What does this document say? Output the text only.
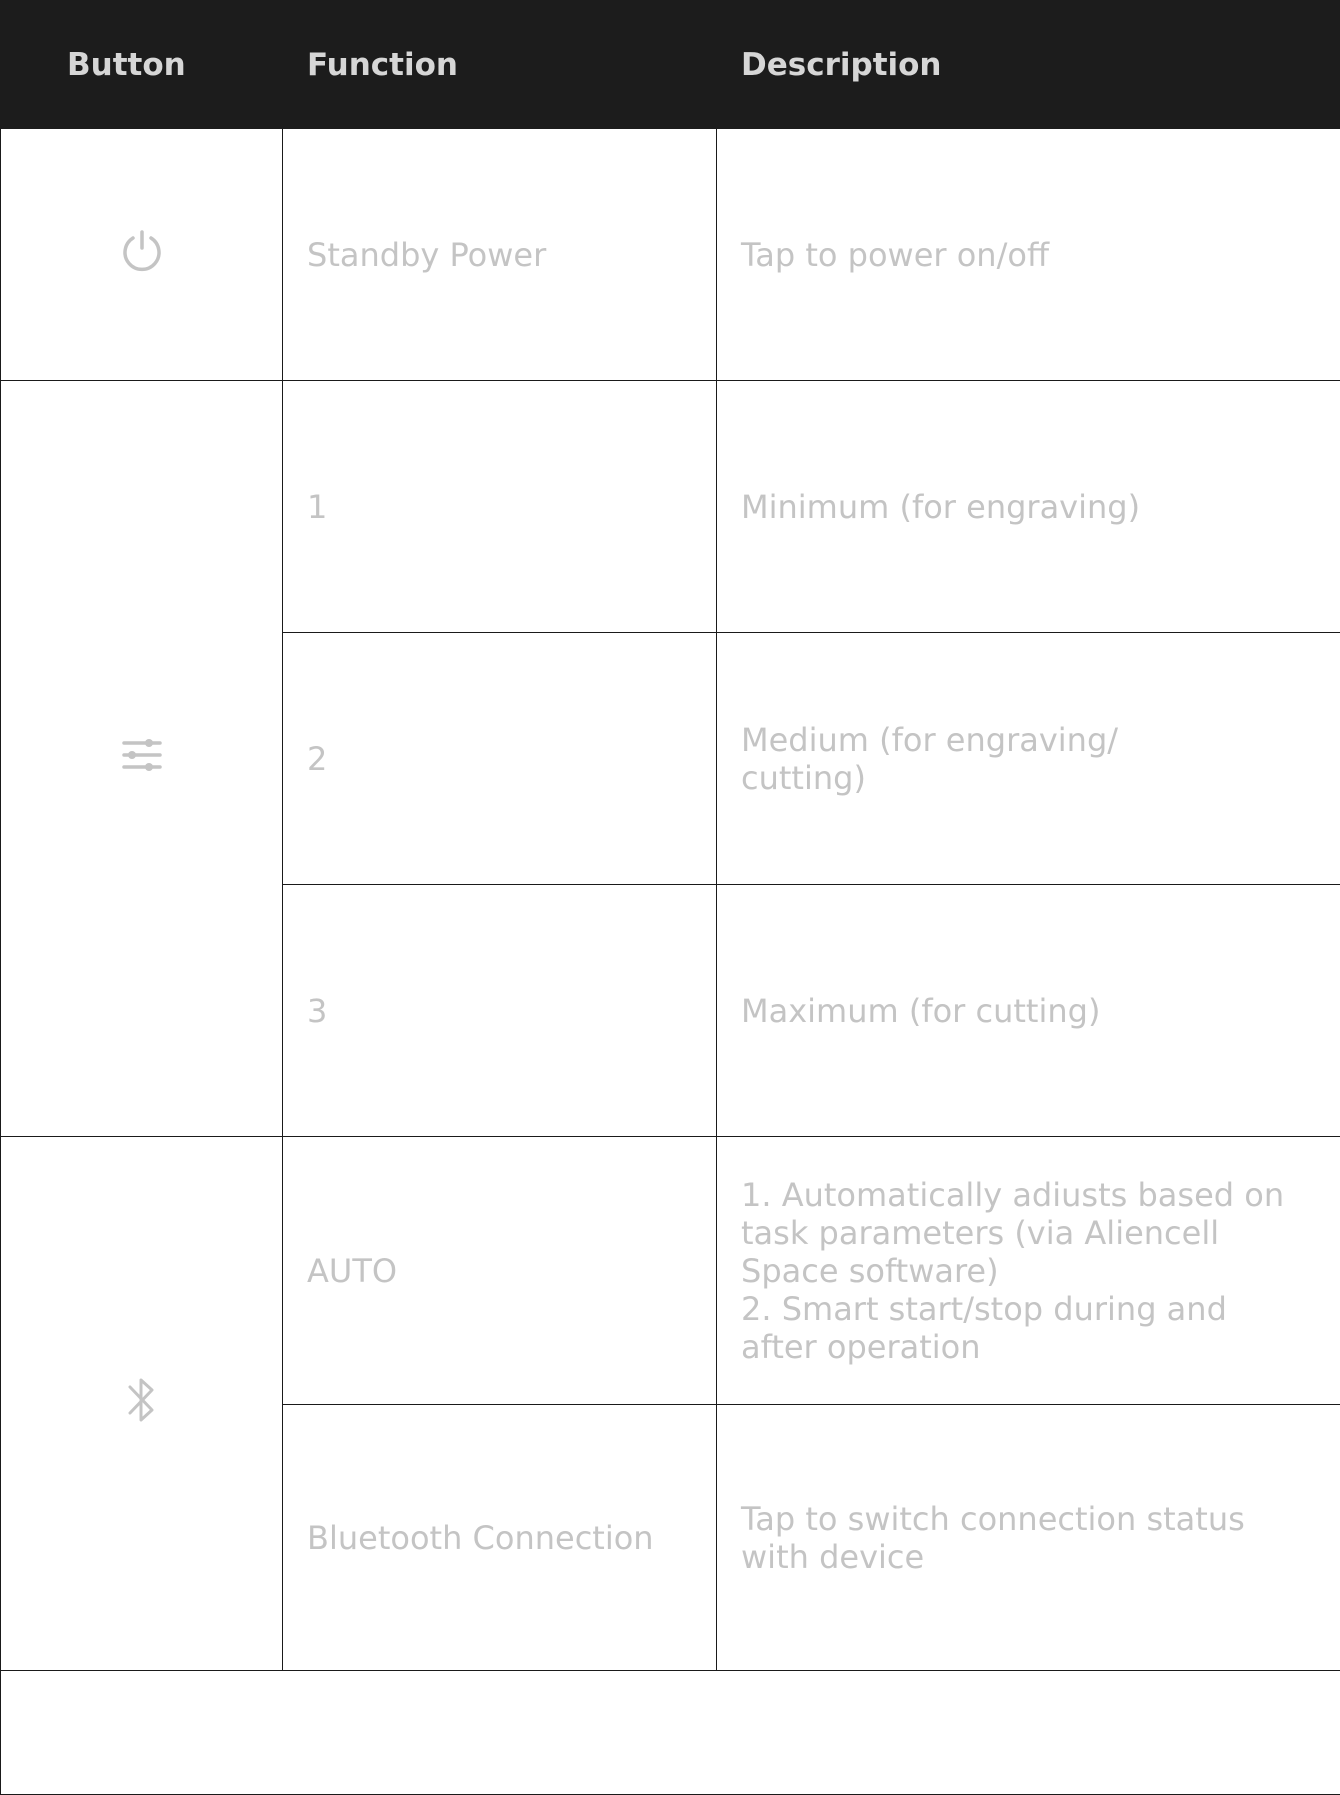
Button	Function	Description
	Standby Power	Tap to power on/off
	1	Minimum (for engraving)
	2	Medium (for engraving/
cutting)

	3	Maximum (for cutting)
	AUTO	1. Automatically adiusts based on
task parameters (via Aliencell
Space software)
2. Smart start/stop during and
after operation

	Bluetooth Connection	Tap to switch connection status
with device
